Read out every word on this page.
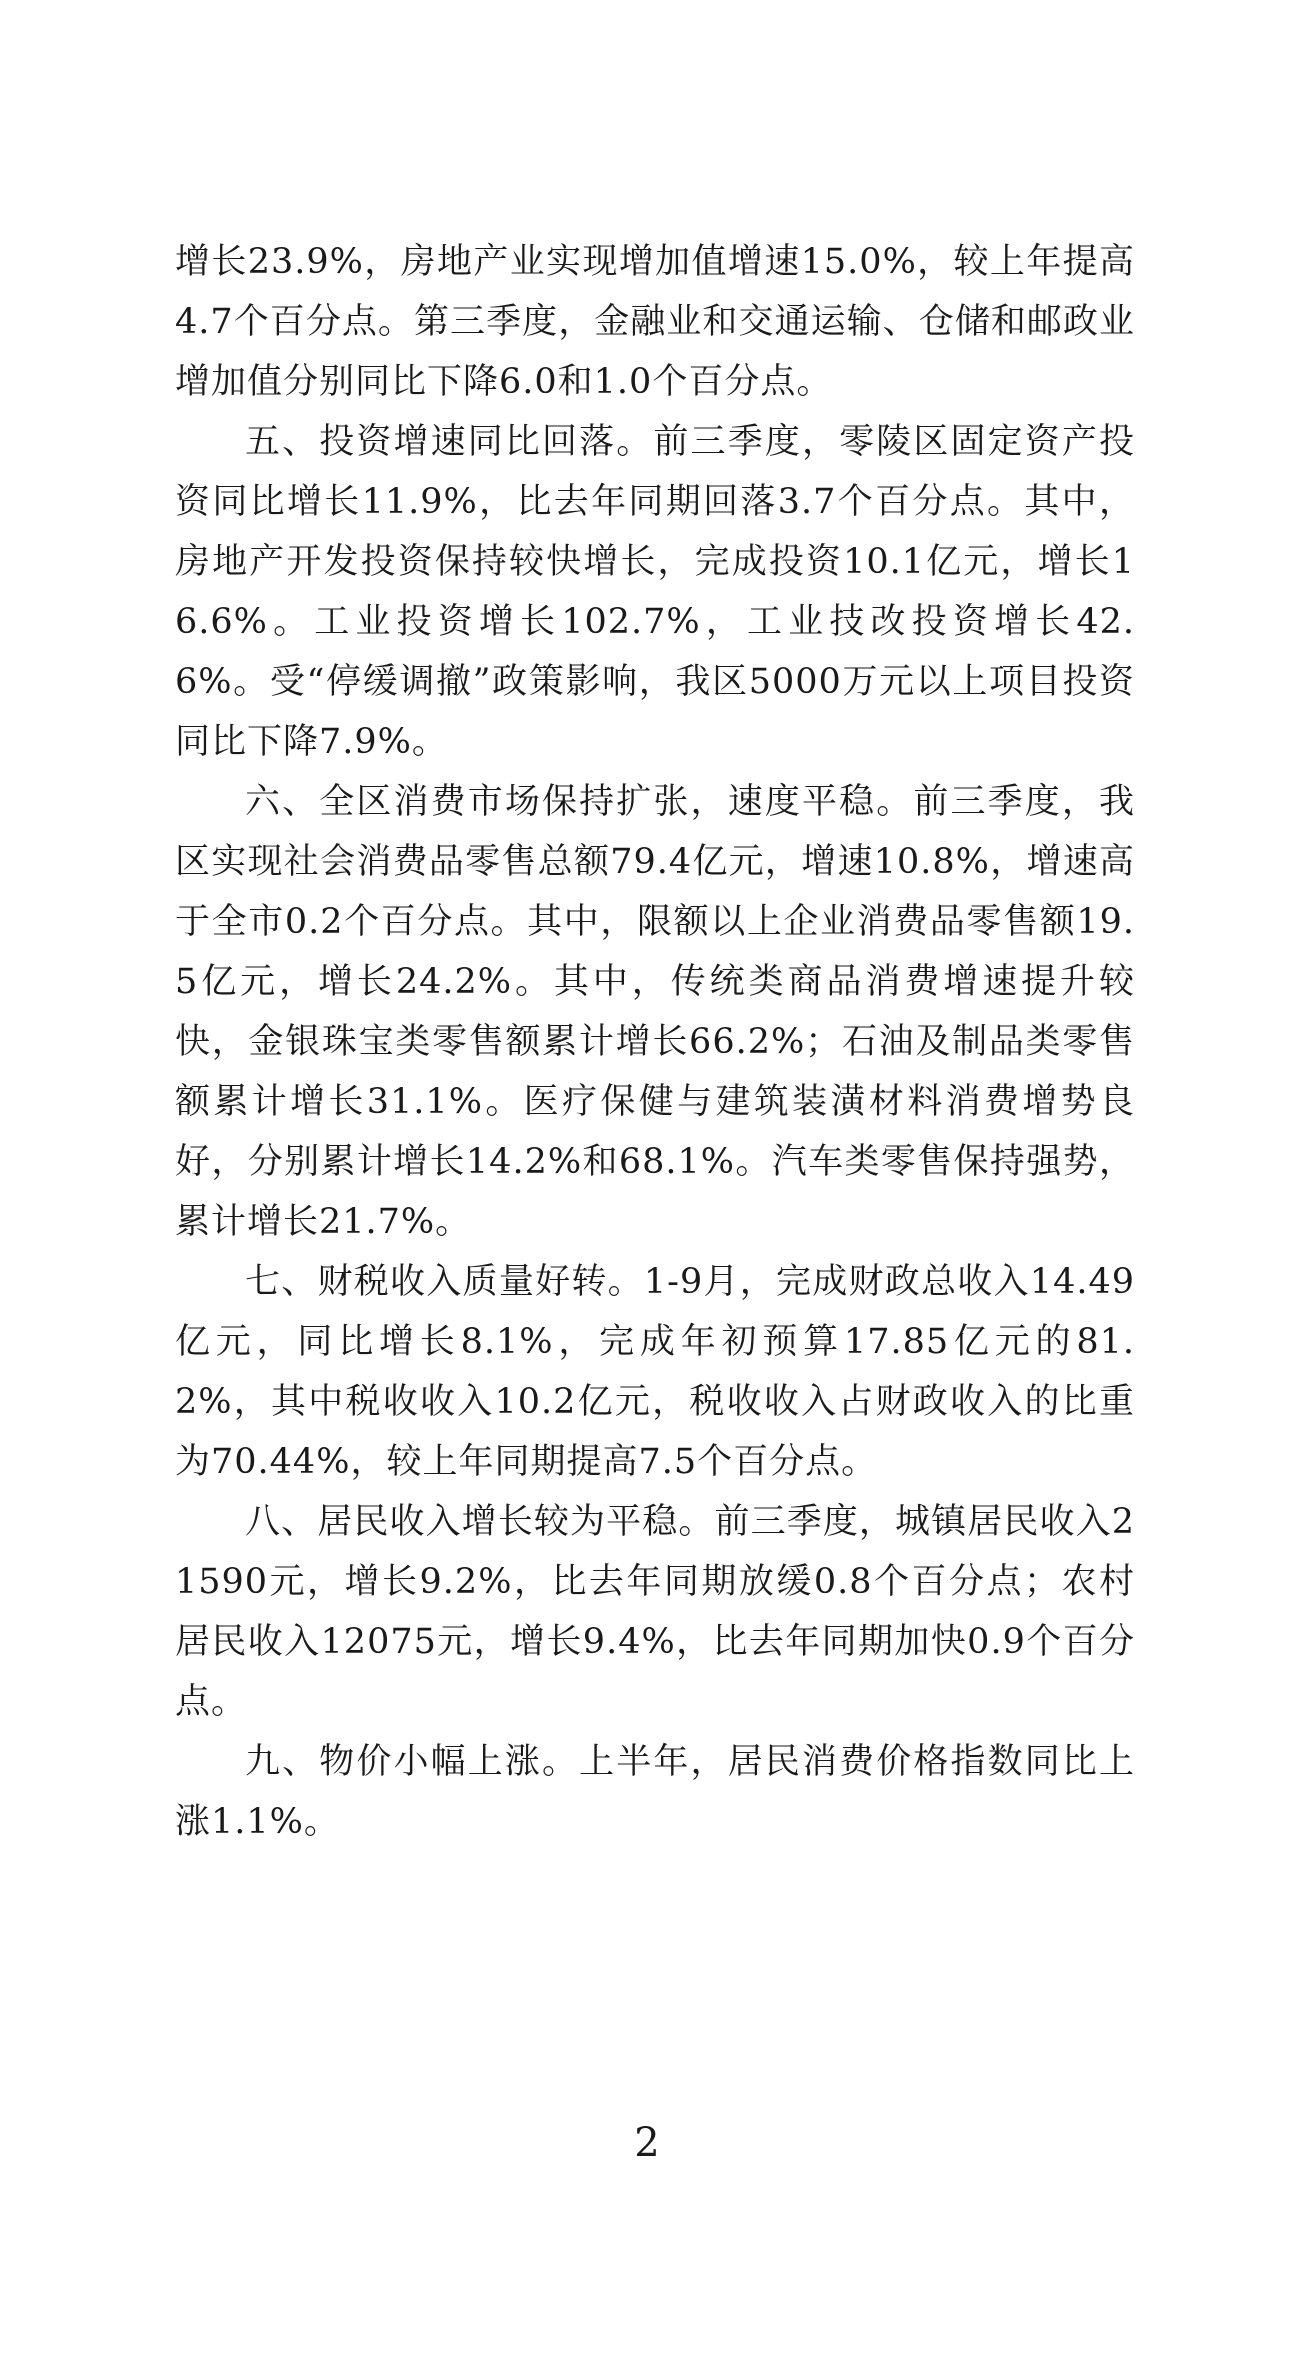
增长23.9%，房地产业实现增加值增速15.0%，较上年提高4.7个百分点。第三季度，金融业和交通运输、仓储和邮政业增加值分别同比下降6.0和1.0个百分点。

五、投资增速同比回落。前三季度，零陵区固定资产投资同比增长11.9%，比去年同期回落3.7个百分点。其中，房地产开发投资保持较快增长，完成投资10.1亿元，增长16.6%。工业投资增长102.7%，工业技改投资增长42.6%。受“停缓调撤”政策影响，我区5000万元以上项目投资同比下降7.9%。

六、全区消费市场保持扩张，速度平稳。前三季度，我区实现社会消费品零售总额79.4亿元，增速10.8%，增速高于全市0.2个百分点。其中，限额以上企业消费品零售额19.5亿元，增长24.2%。其中，传统类商品消费增速提升较快，金银珠宝类零售额累计增长66.2%；石油及制品类零售额累计增长31.1%。医疗保健与建筑装潢材料消费增势良好，分别累计增长14.2%和68.1%。汽车类零售保持强势，累计增长21.7%。

七、财税收入质量好转。1-9月，完成财政总收入14.49亿元，同比增长8.1%，完成年初预算17.85亿元的81.2%，其中税收收入10.2亿元，税收收入占财政收入的比重为70.44%，较上年同期提高7.5个百分点。

八、居民收入增长较为平稳。前三季度，城镇居民收入21590元，增长9.2%，比去年同期放缓0.8个百分点；农村居民收入12075元，增长9.4%，比去年同期加快0.9个百分点。

九、物价小幅上涨。上半年，居民消费价格指数同比上涨1.1%。

2
